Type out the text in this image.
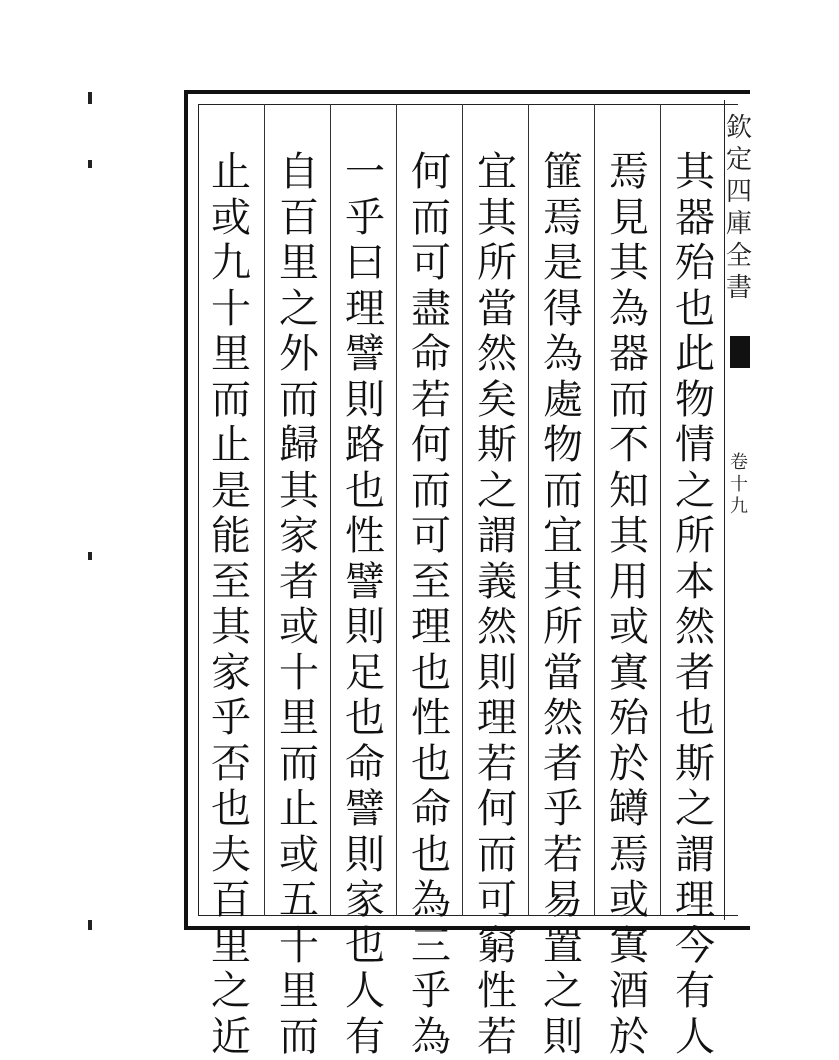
其
器
殆
也
此
物
情
之
所
本
然
者
也
斯
之
謂
理
今
有
人
焉
見
其
為
器
而
不
知
其
用
或
寘
殆
於
罇
焉
或
寘
酒
於
篚
焉
是
得
為
處
物
而
宜
其
所
當
然
者
乎
若
易
置
之
則
宜
其
所
當
然
矣
斯
之
謂
義
然
則
理
若
何
而
可
窮
性
若
何
而
可
盡
命
若
何
而
可
至
理
也
性
也
命
也
為
三
乎
為
一
乎
曰
理
譬
則
路
也
性
譬
則
足
也
命
譬
則
家
也
人
有
自
百
里
之
外
而
歸
其
家
者
或
十
里
而
止
或
五
十
里
而
止
或
九
十
里
而
止
是
能
至
其
家
乎
否
也
夫
百
里
之
近
欽
定
四
庫
全
書
卷
十
九
